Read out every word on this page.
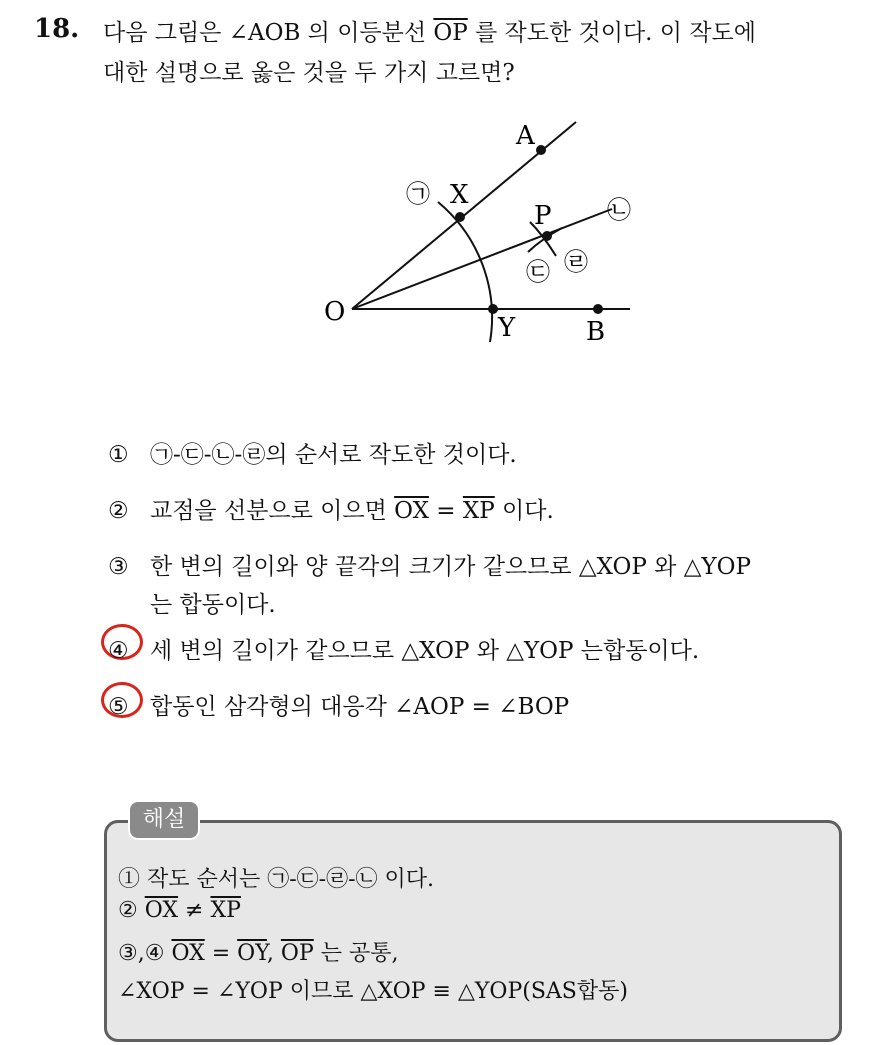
18. 다음 그림은 ∠AOB 의 이등분선 $\overline{OP}$ 를 작도한 것이다. 이 작도에
대한 설명으로 옳은 것을 두 가지 고르면?
A
O
X
Y
P
B
㉠
㉡
㉢ ㉣
① ㉠-㉢-㉡-㉣의 순서로 작도한 것이다.
② 교점을 선분으로 이으면 $\overline{OX} = \overline{XP}$ 이다.
③ 한 변의 길이와 양 끝각의 크기가 같으므로 △XOP 와 △YOP
는 합동이다.
④ 세 변의 길이가 같으므로 △XOP 와 △YOP 는합동이다.
⑤ 합동인 삼각형의 대응각 ∠AOP = ∠BOP
해설
① 작도 순서는 ㉠-㉢-㉣-㉡ 이다.
② $\overline{OX} \ne \overline{XP}$
③,④ $\overline{OX} = \overline{OY}$, $\overline{OP}$ 는 공통,
∠XOP = ∠YOP 이므로 △XOP ≡ △YOP(SAS합동)
